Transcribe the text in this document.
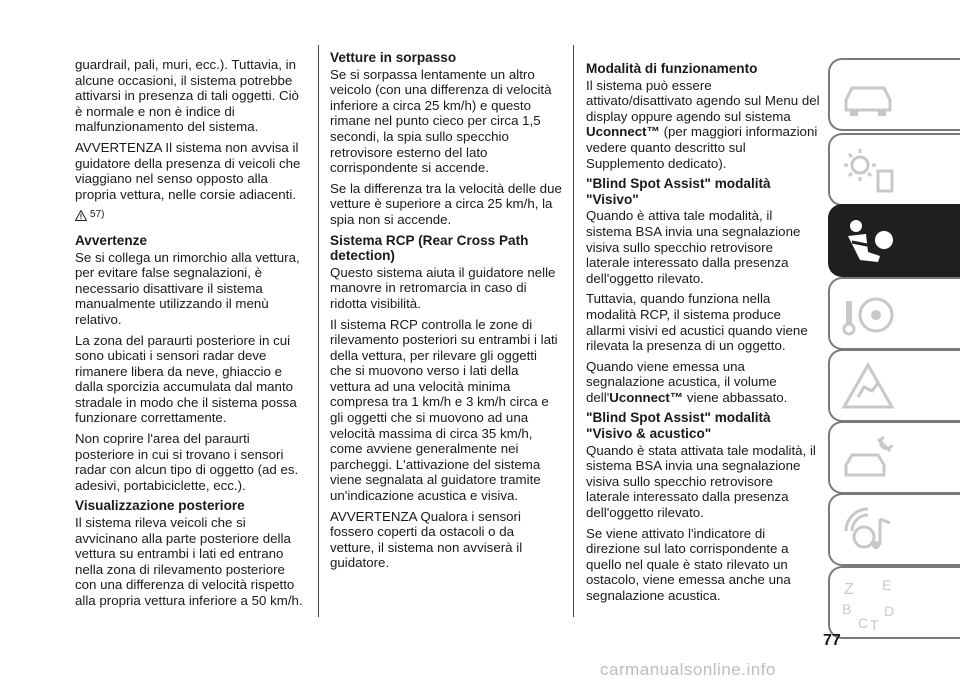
guardrail, pali, muri, ecc.). Tuttavia, in alcune occasioni, il sistema potrebbe attivarsi in presenza di tali oggetti. Ciò è normale e non è indice di malfunzionamento del sistema.

AVVERTENZA Il sistema non avvisa il guidatore della presenza di veicoli che viaggiano nel senso opposto alla propria vettura, nelle corsie adiacenti.

57)
Avvertenze

Se si collega un rimorchio alla vettura, per evitare false segnalazioni, è necessario disattivare il sistema manualmente utilizzando il menù relativo.

La zona del paraurti posteriore in cui sono ubicati i sensori radar deve rimanere libera da neve, ghiaccio e dalla sporcizia accumulata dal manto stradale in modo che il sistema possa funzionare correttamente.

Non coprire l'area del paraurti posteriore in cui si trovano i sensori radar con alcun tipo di oggetto (ad es. adesivi, portabiciclette, ecc.).

Visualizzazione posteriore

Il sistema rileva veicoli che si avvicinano alla parte posteriore della vettura su entrambi i lati ed entrano nella zona di rilevamento posteriore con una differenza di velocità rispetto alla propria vettura inferiore a 50 km/h.

Vetture in sorpasso

Se si sorpassa lentamente un altro veicolo (con una differenza di velocità inferiore a circa 25 km/h) e questo rimane nel punto cieco per circa 1,5 secondi, la spia sullo specchio retrovisore esterno del lato corrispondente si accende.

Se la differenza tra la velocità delle due vetture è superiore a circa 25 km/h, la spia non si accende.

Sistema RCP (Rear Cross Path detection)

Questo sistema aiuta il guidatore nelle manovre in retromarcia in caso di ridotta visibilità.

Il sistema RCP controlla le zone di rilevamento posteriori su entrambi i lati della vettura, per rilevare gli oggetti che si muovono verso i lati della vettura ad una velocità minima compresa tra 1 km/h e 3 km/h circa e gli oggetti che si muovono ad una velocità massima di circa 35 km/h, come avviene generalmente nei parcheggi. L'attivazione del sistema viene segnalata al guidatore tramite un'indicazione acustica e visiva.

AVVERTENZA Qualora i sensori fossero coperti da ostacoli o da vetture, il sistema non avviserà il guidatore.

Modalità di funzionamento

Il sistema può essere attivato/disattivato agendo sul Menu del display oppure agendo sul sistema Uconnect™ (per maggiori informazioni vedere quanto descritto sul Supplemento dedicato).

"Blind Spot Assist" modalità "Visivo"

Quando è attiva tale modalità, il sistema BSA invia una segnalazione visiva sullo specchio retrovisore laterale interessato dalla presenza dell'oggetto rilevato.

Tuttavia, quando funziona nella modalità RCP, il sistema produce allarmi visivi ed acustici quando viene rilevata la presenza di un oggetto.

Quando viene emessa una segnalazione acustica, il volume dell'Uconnect™ viene abbassato.

"Blind Spot Assist" modalità "Visivo & acustico"

Quando è stata attivata tale modalità, il sistema BSA invia una segnalazione visiva sullo specchio retrovisore laterale interessato dalla presenza dell'oggetto rilevato.

Se viene attivato l'indicatore di direzione sul lato corrispondente a quello nel quale è stato rilevato un ostacolo, viene emessa anche una segnalazione acustica.	Z E
B
C T
D
77
carmanualsonline.info
